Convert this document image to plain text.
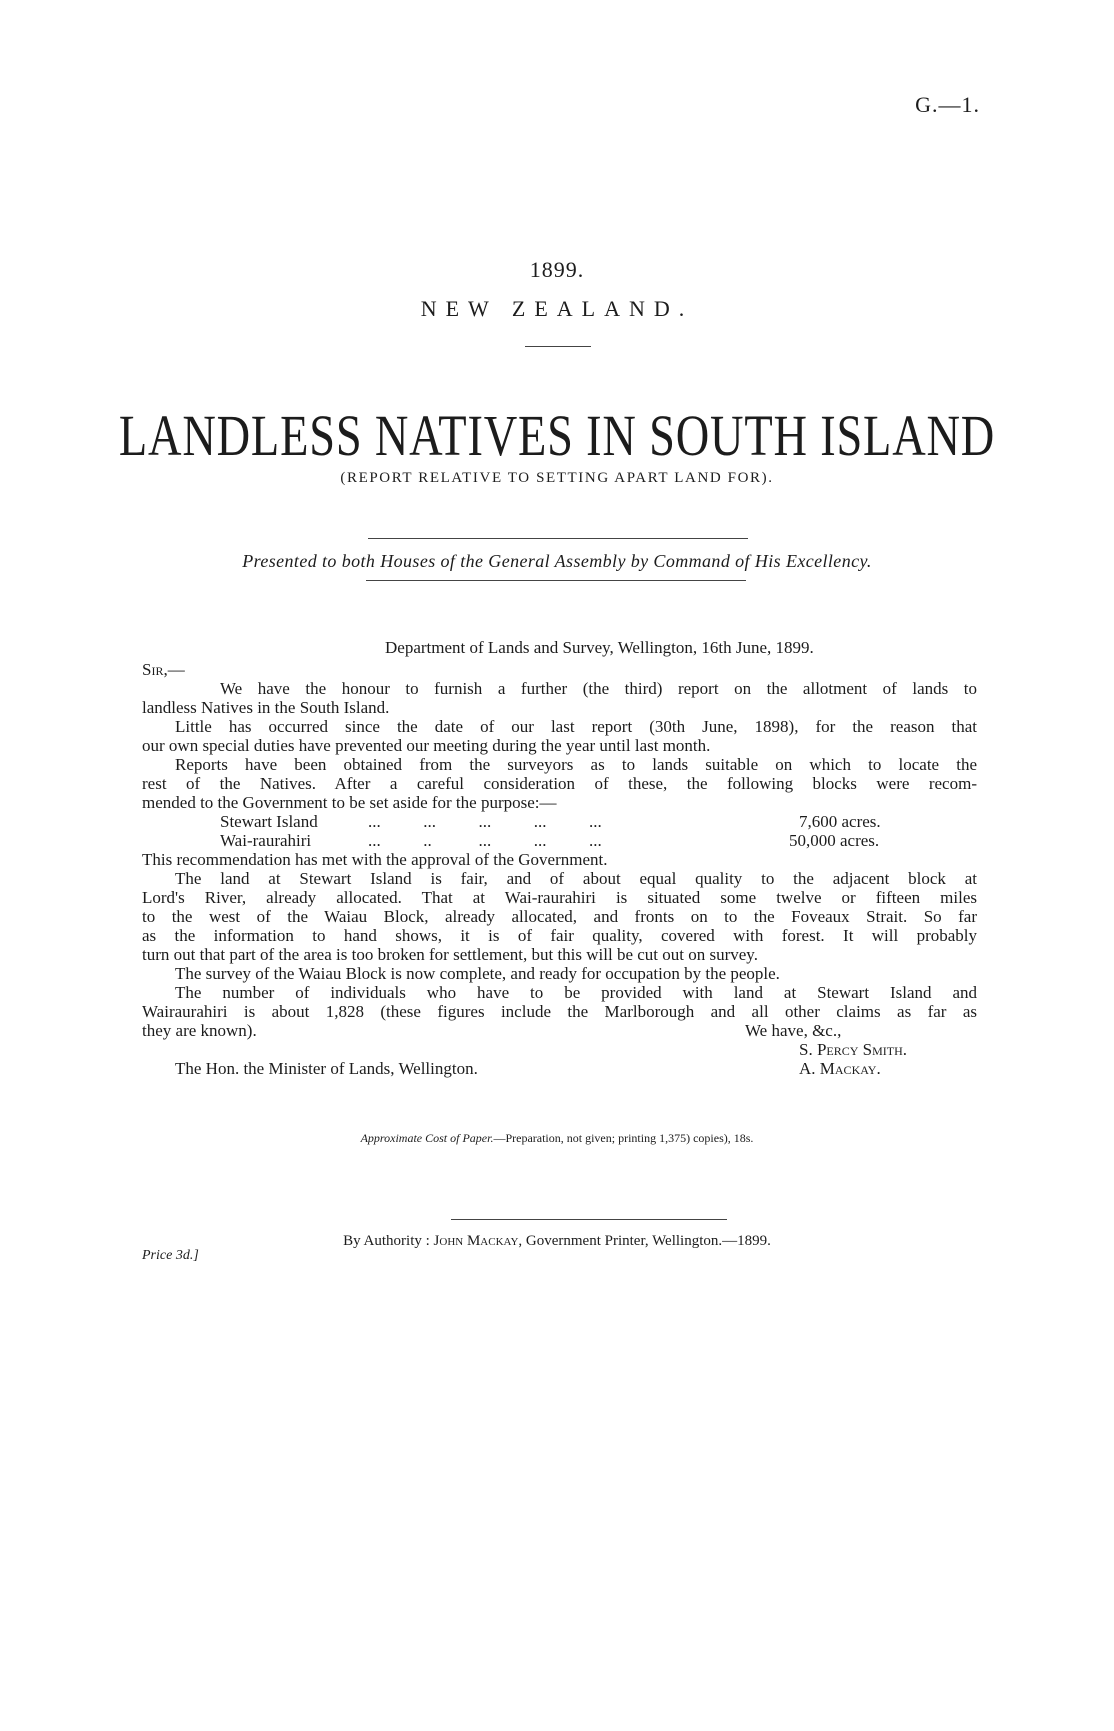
G.—1.
1899.
NEW ZEALAND.
LANDLESS NATIVES IN SOUTH ISLAND
(REPORT RELATIVE TO SETTING APART LAND FOR).
Presented to both Houses of the General Assembly by Command of His Excellency.
Department of Lands and Survey, Wellington, 16th June, 1899.
Sir,—
We have the honour to furnish a further (the third) report on the allotment of lands to
landless Natives in the South Island.
Little has occurred since the date of our last report (30th June, 1898), for the reason that
our own special duties have prevented our meeting during the year until last month.
Reports have been obtained from the surveyors as to lands suitable on which to locate the
rest of the Natives. After a careful consideration of these, the following blocks were recom-
mended to the Government to be set aside for the purpose:—
Stewart Island	...          ...          ...          ...          ...	7,600 acres.
Wai-raurahiri	...          ..           ...          ...          ...	50,000 acres.
This recommendation has met with the approval of the Government.
The land at Stewart Island is fair, and of about equal quality to the adjacent block at
Lord's River, already allocated. That at Wai-raurahiri is situated some twelve or fifteen miles
to the west of the Waiau Block, already allocated, and fronts on to the Foveaux Strait. So far
as the information to hand shows, it is of fair quality, covered with forest. It will probably
turn out that part of the area is too broken for settlement, but this will be cut out on survey.
The survey of the Waiau Block is now complete, and ready for occupation by the people.
The number of individuals who have to be provided with land at Stewart Island and
Wairaurahiri is about 1,828 (these figures include the Marlborough and all other claims as far as
they are known).	We have, &c.,
S. Percy Smith.
The Hon. the Minister of Lands, Wellington.	A. Mackay.
Approximate Cost of Paper.—Preparation, not given; printing 1,375) copies), 18s.
By Authority : John Mackay, Government Printer, Wellington.—1899.
Price 3d.]
